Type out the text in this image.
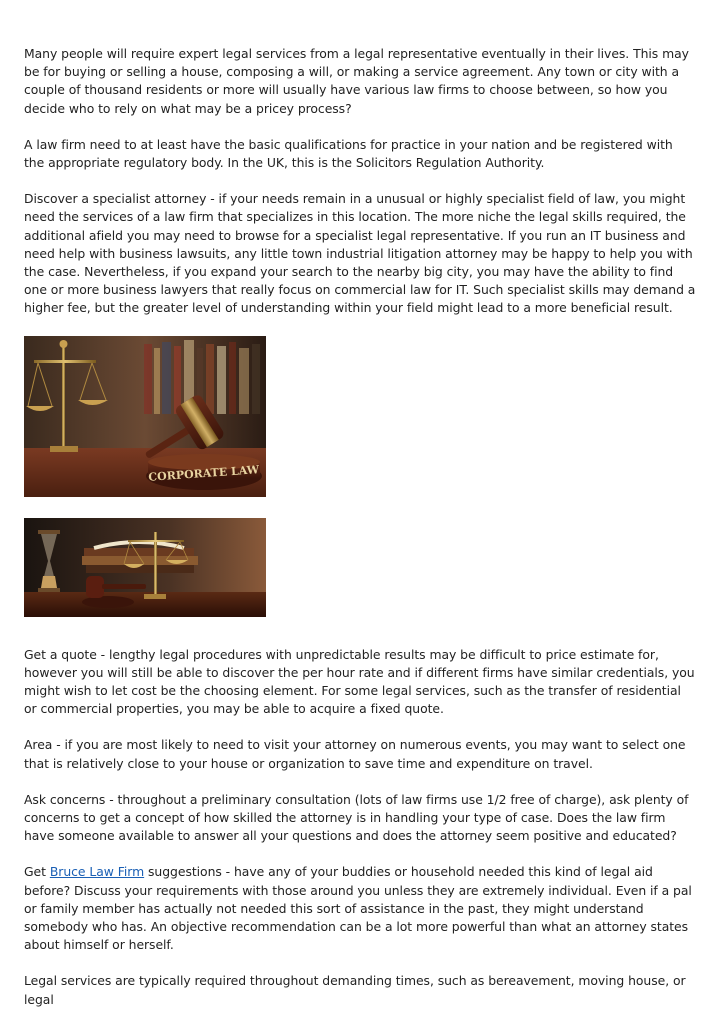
Many people will require expert legal services from a legal representative eventually in their lives. This may be for buying or selling a house, composing a will, or making a service agreement. Any town or city with a couple of thousand residents or more will usually have various law firms to choose between, so how you decide who to rely on what may be a pricey process?

A law firm need to at least have the basic qualifications for practice in your nation and be registered with the appropriate regulatory body. In the UK, this is the Solicitors Regulation Authority.

Discover a specialist attorney - if your needs remain in a unusual or highly specialist field of law, you might need the services of a law firm that specializes in this location. The more niche the legal skills required, the additional afield you may need to browse for a specialist legal representative. If you run an IT business and need help with business lawsuits, any little town industrial litigation attorney may be happy to help you with the case. Nevertheless, if you expand your search to the nearby big city, you may have the ability to find one or more business lawyers that really focus on commercial law for IT. Such specialist skills may demand a higher fee, but the greater level of understanding within your field might lead to a more beneficial result.

CORPORATE LAW

Get a quote - lengthy legal procedures with unpredictable results may be difficult to price estimate for, however you will still be able to discover the per hour rate and if different firms have similar credentials, you might wish to let cost be the choosing element. For some legal services, such as the transfer of residential or commercial properties, you may be able to acquire a fixed quote.

Area - if you are most likely to need to visit your attorney on numerous events, you may want to select one that is relatively close to your house or organization to save time and expenditure on travel.

Ask concerns - throughout a preliminary consultation (lots of law firms use 1/2 free of charge), ask plenty of concerns to get a concept of how skilled the attorney is in handling your type of case. Does the law firm have someone available to answer all your questions and does the attorney seem positive and educated?

Get Bruce Law Firm suggestions - have any of your buddies or household needed this kind of legal aid before? Discuss your requirements with those around you unless they are extremely individual. Even if a pal or family member has actually not needed this sort of assistance in the past, they might understand somebody who has. An objective recommendation can be a lot more powerful than what an attorney states about himself or herself.

Legal services are typically required throughout demanding times, such as bereavement, moving house, or legal
